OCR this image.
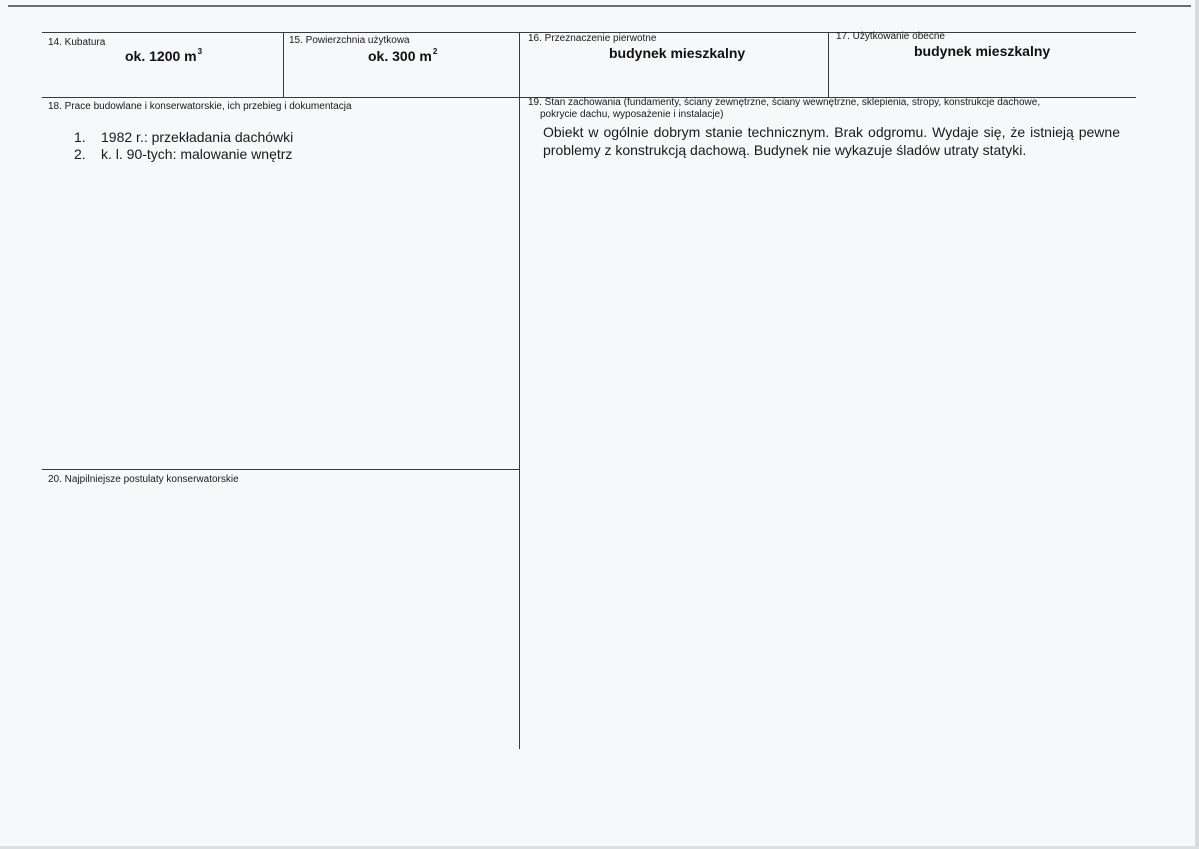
14. Kubatura
ok. 1200 $m^3$
15. Powierzchnia użytkowa
ok. 300 $m^2$
16. Przeznaczenie pierwotne
budynek mieszkalny
17. Użytkowanie obecne
budynek mieszkalny
18. Prace budowlane i konserwatorskie, ich przebieg i dokumentacja
1.	1982 r.: przekładania dachówki
2.	k. l. 90-tych: malowanie wnętrz
19. Stan zachowania (fundamenty, ściany zewnętrzne, ściany wewnętrzne, sklepienia, stropy, konstrukcje dachowe,
pokrycie dachu, wyposażenie i instalacje)
Obiekt w ogólnie dobrym stanie technicznym. Brak odgromu. Wydaje się, że istnieją pewne problemy z konstrukcją dachową. Budynek nie wykazuje śladów utraty statyki.
20. Najpilniejsze postulaty konserwatorskie
